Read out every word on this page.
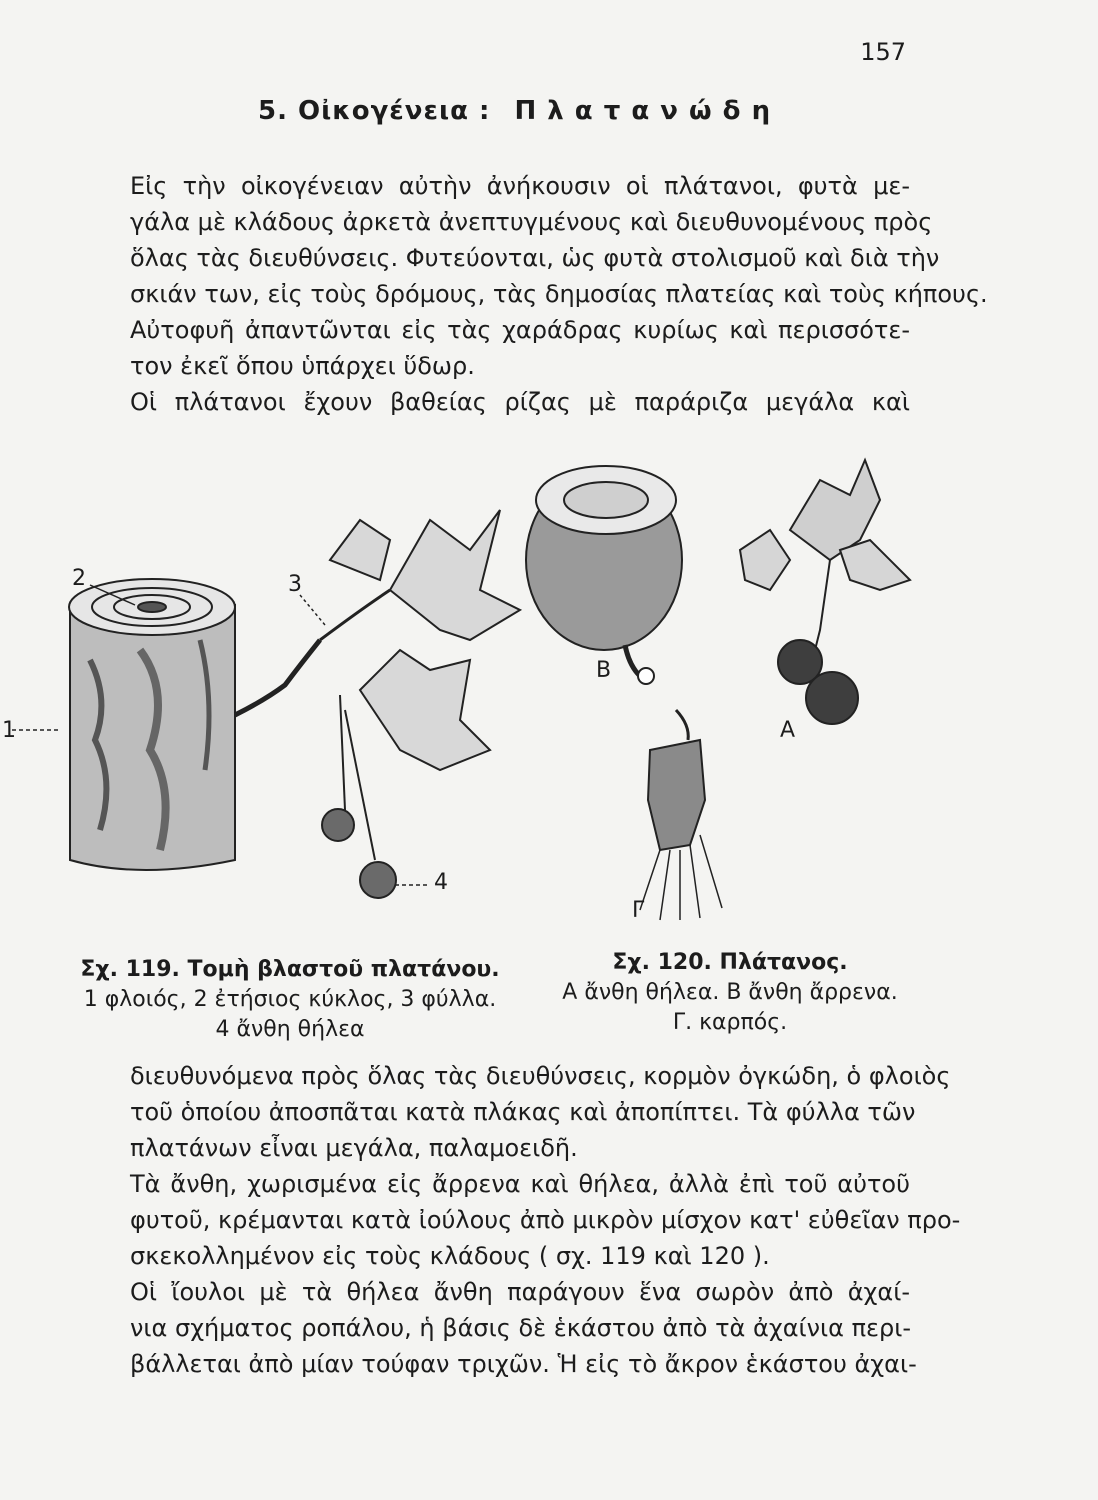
157
5. Οἰκογένεια : Π λ α τ α ν ώ δ η
Εἰς τὴν οἰκογένειαν αὐτὴν ἀνήκουσιν οἱ πλάτανοι, φυτὰ με-
γάλα μὲ κλάδους ἀρκετὰ ἀνεπτυγμένους καὶ διευθυνομένους πρὸς
ὅλας τὰς διευθύνσεις. Φυτεύονται, ὡς φυτὰ στολισμοῦ καὶ διὰ τὴν
σκιάν των, εἰς τοὺς δρόμους, τὰς δημοσίας πλατείας καὶ τοὺς κήπους.
Αὐτοφυῆ ἀπαντῶνται εἰς τὰς χαράδρας κυρίως καὶ περισσότε-
τον ἐκεῖ ὅπου ὑπάρχει ὕδωρ.
Οἱ πλάτανοι ἔχουν βαθείας ρίζας μὲ παράριζα μεγάλα καὶ
1
2	3
4
Β
Α
Γ
Σχ. 119. Τομὴ βλαστοῦ πλατάνου.
1 φλοιός, 2 ἐτήσιος κύκλος, 3 φύλλα.
4 ἄνθη θήλεα
Σχ. 120. Πλάτανος.
Α ἄνθη θήλεα. Β ἄνθη ἄρρενα.
Γ. καρπός.
διευθυνόμενα πρὸς ὅλας τὰς διευθύνσεις, κορμὸν ὀγκώδη, ὁ φλοιὸς
τοῦ ὁποίου ἀποσπᾶται κατὰ πλάκας καὶ ἀποπίπτει. Τὰ φύλλα τῶν
πλατάνων εἶναι μεγάλα, παλαμοειδῆ.
Τὰ ἄνθη, χωρισμένα εἰς ἄρρενα καὶ θήλεα, ἀλλὰ ἐπὶ τοῦ αὐτοῦ
φυτοῦ, κρέμανται κατὰ ἰούλους ἀπὸ μικρὸν μίσχον κατ' εὐθεῖαν προ-
σκεκολλημένον εἰς τοὺς κλάδους ( σχ. 119 καὶ 120 ).
Οἱ ἴουλοι μὲ τὰ θήλεα ἄνθη παράγουν ἕνα σωρὸν ἀπὸ ἀχαί-
νια σχήματος ροπάλου, ἡ βάσις δὲ ἑκάστου ἀπὸ τὰ ἀχαίνια περι-
βάλλεται ἀπὸ μίαν τούφαν τριχῶν. Ἡ εἰς τὸ ἄκρον ἑκάστου ἀχαι-
